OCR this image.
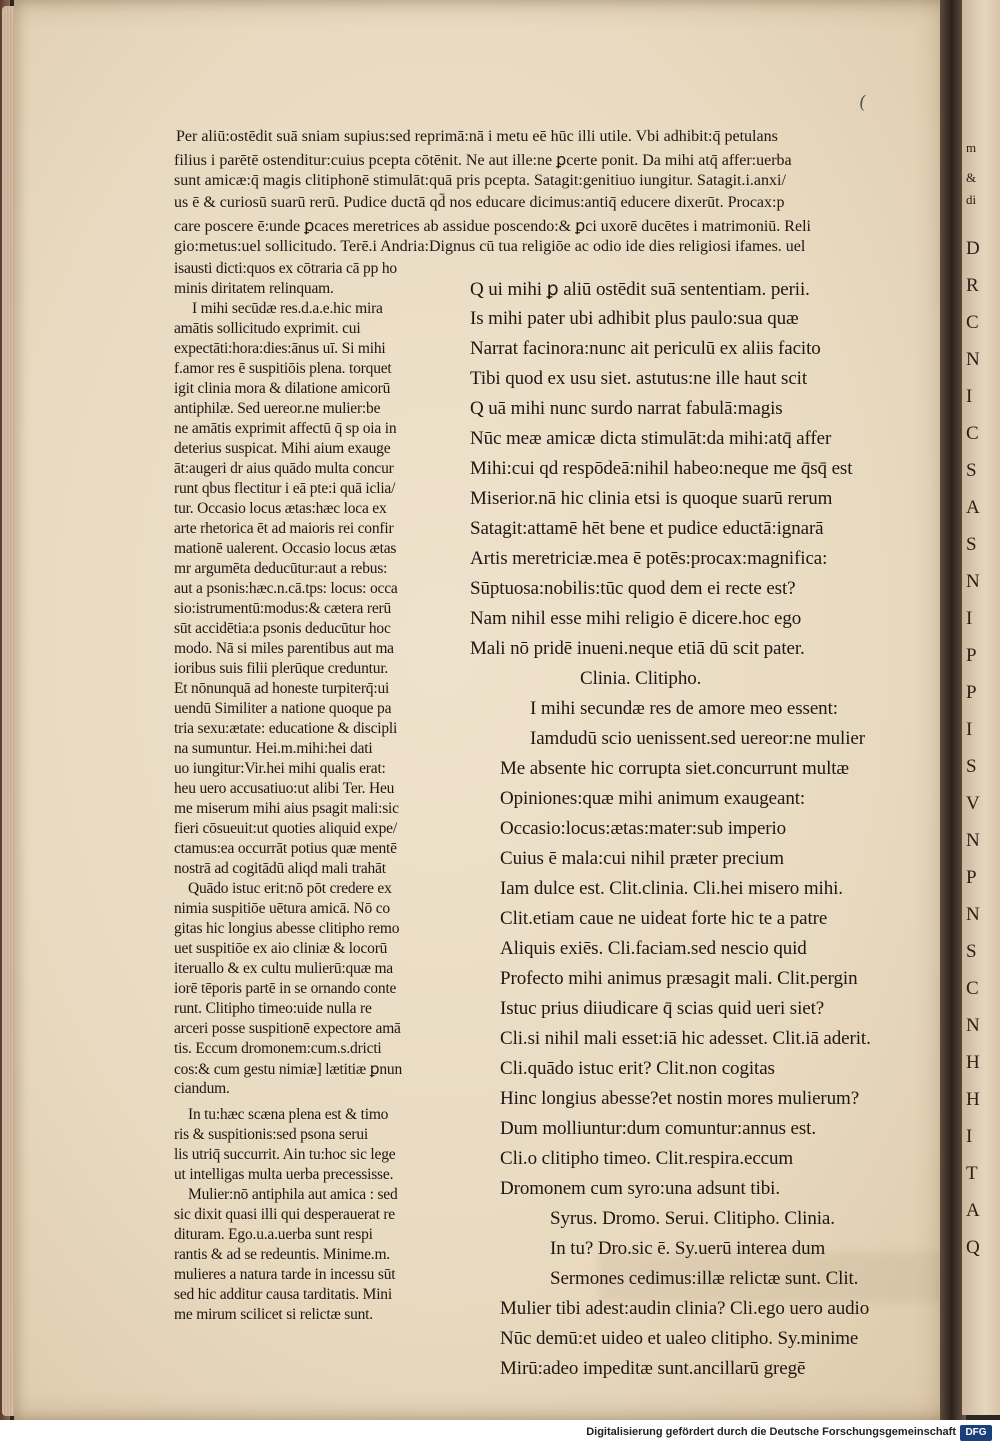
(
Per aliū:ostēdit suā sniam supius:sed reprimā:nā i metu eē hūc illi utile. Vbi adhibit:q̄ petulans
filius i parētē ostenditur:cuius pcepta cōtēnit. Ne aut ille:ne ꝑcerte ponit. Da mihi atq̄ affer:uerba
sunt amicæ:q̄ magis clitiphonē stimulāt:quā pris pcepta. Satagit:genitiuo iungitur. Satagit.i.anxi/
us ē & curiosū suarū rerū. Pudice ductā qd̄ nos educare dicimus:antiq̄ educere dixerūt. Procax:p
care poscere ē:unde ꝑcaces meretrices ab assidue poscendo:& ꝑci uxorē ducētes i matrimoniū. Reli
gio:metus:uel sollicitudo. Terē.i Andria:Dignus cū tua religiōe ac odio ide dies religiosi ifames. uel
isausti dicti:quos ex cōtraria cā pp ho
minis diritatem relinquam.
I mihi secūdæ res.d.a.e.hic mira
amātis sollicitudo exprimit. cui
expectāti:hora:dies:ānus uī. Si mihi
f.amor res ē suspitiōis plena. torquet
igit clinia mora & dilatione amicorū
antiphilæ. Sed uereor.ne mulier:be
ne amātis exprimit affectū q̄ sp oia in
deterius suspicat. Mihi aium exauge
āt:augeri dr aius quādo multa concur
runt qbus flectitur i eā pte:i quā iclia/
tur. Occasio locus ætas:hæc loca ex
arte rhetorica ēt ad maioris rei confir
mationē ualerent. Occasio locus ætas
mr argumēta deducūtur:aut a rebus:
aut a psonis:hæc.n.cā.tps: locus: occa
sio:istrumentū:modus:& cætera rerū
sūt accidētia:a psonis deducūtur hoc
modo. Nā si miles parentibus aut ma
ioribus suis filii plerūque creduntur.
Et nōnunquā ad honeste turpiterq̄:ui
uendū Similiter a natione quoque pa
tria sexu:ætate: educatione & discipli
na sumuntur. Hei.m.mihi:hei dati
uo iungitur:Vir.hei mihi qualis erat:
heu uero accusatiuo:ut alibi Ter. Heu
me miserum mihi aius psagit mali:sic
fieri cōsueuit:ut quoties aliquid expe/
ctamus:ea occurrāt potius quæ mentē
nostrā ad cogitādū aliqd mali trahāt
Quādo istuc erit:nō pōt credere ex
nimia suspitiōe uētura amicā. Nō co
gitas hic longius abesse clitipho remo
uet suspitiōe ex aio cliniæ & locorū
iteruallo & ex cultu mulierū:quæ ma
iorē tēporis partē in se ornando conte
runt. Clitipho timeo:uide nulla re
arceri posse suspitionē expectore amā
tis. Eccum dromonem:cum.s.dricti
cos:& cum gestu nimiæ] lætitiæ ꝑnun
ciandum.
In tu:hæc scæna plena est & timo
ris & suspitionis:sed psona serui
lis utriq̄ succurrit. Ain tu:hoc sic lege
ut intelligas multa uerba precessisse.
Mulier:nō antiphila aut amica : sed
sic dixit quasi illi qui desperauerat re
dituram. Ego.u.a.uerba sunt respi
rantis & ad se redeuntis. Minime.m.
mulieres a natura tarde in incessu sūt
sed hic additur causa tarditatis. Mini
me mirum scilicet si relictæ sunt.
Q ui mihi ꝑ aliū ostēdit suā sententiam. perii.
Is mihi pater ubi adhibit plus paulo:sua quæ
Narrat facinora:nunc ait periculū ex aliis facito
Tibi quod ex usu siet. astutus:ne ille haut scit
Q uā mihi nunc surdo narrat fabulā:magis
Nūc meæ amicæ dicta stimulāt:da mihi:atq̄ affer
Mihi:cui qd respōdeā:nihil habeo:neque me q̄sq̄ est
Miserior.nā hic clinia etsi is quoque suarū rerum
Satagit:attamē hēt bene et pudice eductā:ignarā
Artis meretriciæ.mea ē potēs:procax:magnifica:
Sūptuosa:nobilis:tūc quod dem ei recte est?
Nam nihil esse mihi religio ē dicere.hoc ego
Mali nō pridē inueni.neque etiā dū scit pater.
Clinia. Clitipho.
I mihi secundæ res de amore meo essent:
Iamdudū scio uenissent.sed uereor:ne mulier
Me absente hic corrupta siet.concurrunt multæ
Opiniones:quæ mihi animum exaugeant:
Occasio:locus:ætas:mater:sub imperio
Cuius ē mala:cui nihil præter precium
Iam dulce est. Clit.clinia. Cli.hei misero mihi.
Clit.etiam caue ne uideat forte hic te a patre
Aliquis exiēs. Cli.faciam.sed nescio quid
Profecto mihi animus præsagit mali. Clit.pergin
Istuc prius diiudicare q̄ scias quid ueri siet?
Cli.si nihil mali esset:iā hic adesset. Clit.iā aderit.
Cli.quādo istuc erit? Clit.non cogitas
Hinc longius abesse?et nostin mores mulierum?
Dum molliuntur:dum comuntur:annus est.
Cli.o clitipho timeo. Clit.respira.eccum
Dromonem cum syro:una adsunt tibi.
Syrus. Dromo. Serui. Clitipho. Clinia.
In tu? Dro.sic ē. Sy.uerū interea dum
Sermones cedimus:illæ relictæ sunt. Clit.
Mulier tibi adest:audin clinia? Cli.ego uero audio
Nūc demū:et uideo et ualeo clitipho. Sy.minime
Mirū:adeo impeditæ sunt.ancillarū gregē
m
&
di
D
R
C
N
I
C
S
A
S
N
I
P
P
I
S
V
N
P
N
S
C
N
H
H
I
T
A
Q
Digitalisierung gefördert durch die Deutsche Forschungsgemeinschaft DFG
